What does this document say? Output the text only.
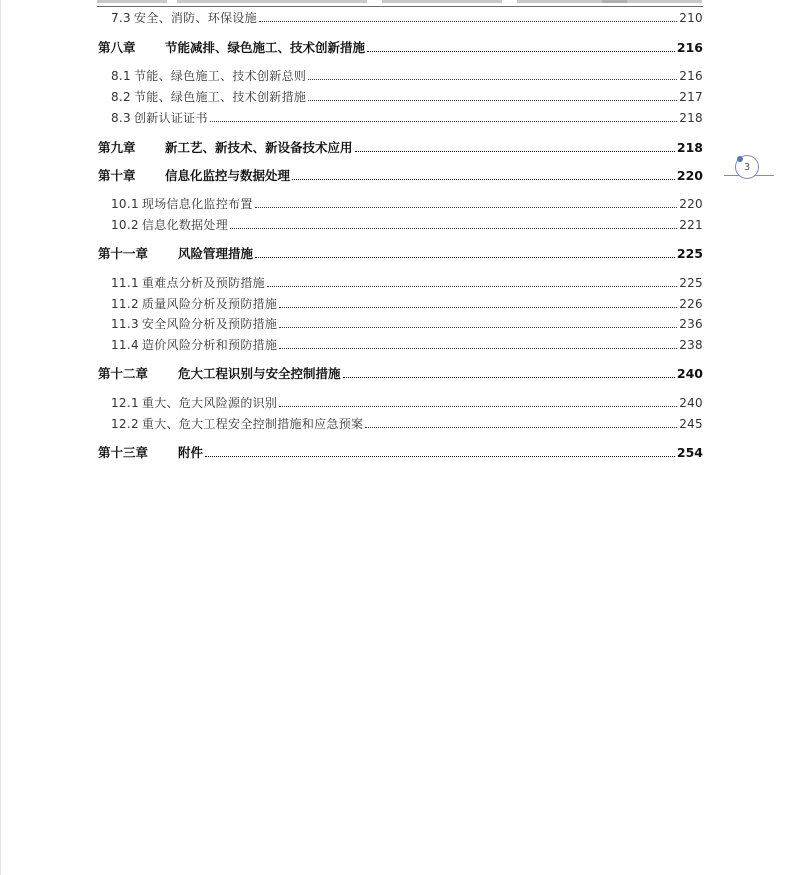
7.3 安全、消防、环保设施	210
第八章 节能减排、绿色施工、技术创新措施	216
8.1 节能、绿色施工、技术创新总则	216
8.2 节能、绿色施工、技术创新措施	217
8.3 创新认证证书	218
第九章 新工艺、新技术、新设备技术应用	218
第十章 信息化监控与数据处理	220
10.1 现场信息化监控布置	220
10.2 信息化数据处理	221
第十一章 风险管理措施	225
11.1 重难点分析及预防措施	225
11.2 质量风险分析及预防措施	226
11.3 安全风险分析及预防措施	236
11.4 造价风险分析和预防措施	238
第十二章 危大工程识别与安全控制措施	240
12.1 重大、危大风险源的识别	240
12.2 重大、危大工程安全控制措施和应急预案	245
第十三章 附件	254
3
